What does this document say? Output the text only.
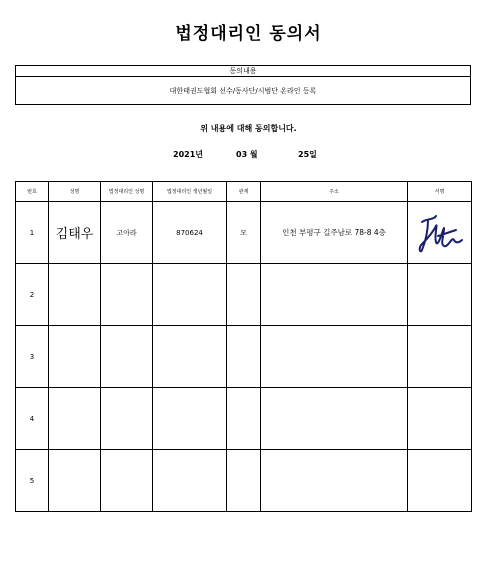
법정대리인 동의서
동의내용
대한태권도협회 선수/동사단/시범단 온라인 등록
위 내용에 대해 동의합니다.
2021년	03 월	25일
번호	성명	법정대리인 성명	법정대리인 생년월일	관계	주소	서명
1	김태우	고아라	870624	모	인천 부평구 길주남로 78-8 4층	

2						
3						
4						
5						
